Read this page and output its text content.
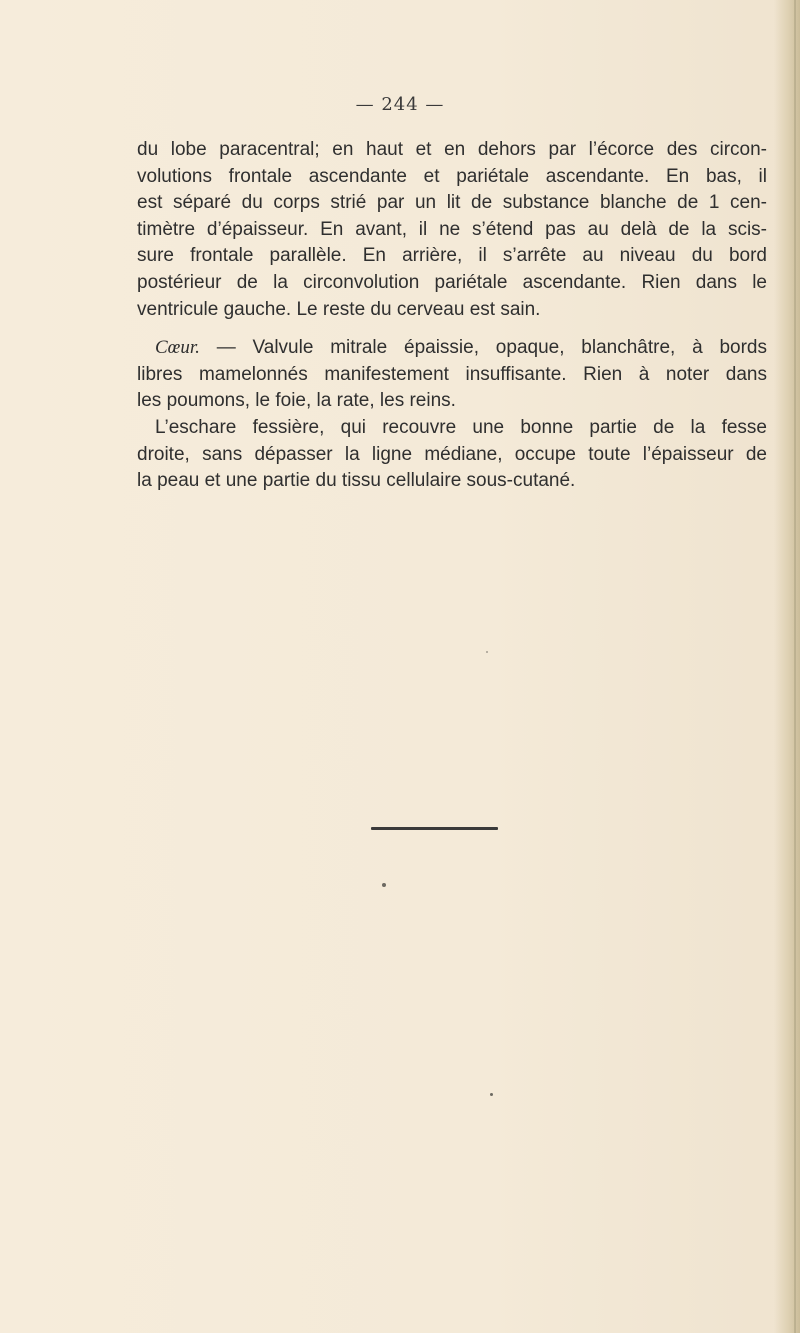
— 244 —
du lobe paracentral; en haut et en dehors par l’écorce des circon-
volutions frontale ascendante et pariétale ascendante. En bas, il
est séparé du corps strié par un lit de substance blanche de 1 cen-
timètre d’épaisseur. En avant, il ne s’étend pas au delà de la scis-
sure frontale parallèle. En arrière, il s’arrête au niveau du bord
postérieur de la circonvolution pariétale ascendante. Rien dans le
ventricule gauche. Le reste du cerveau est sain.
Cœur. — Valvule mitrale épaissie, opaque, blanchâtre, à bords
libres mamelonnés manifestement insuffisante. Rien à noter dans
les poumons, le foie, la rate, les reins.
L’eschare fessière, qui recouvre une bonne partie de la fesse
droite, sans dépasser la ligne médiane, occupe toute l’épaisseur de
la peau et une partie du tissu cellulaire sous-cutané.
